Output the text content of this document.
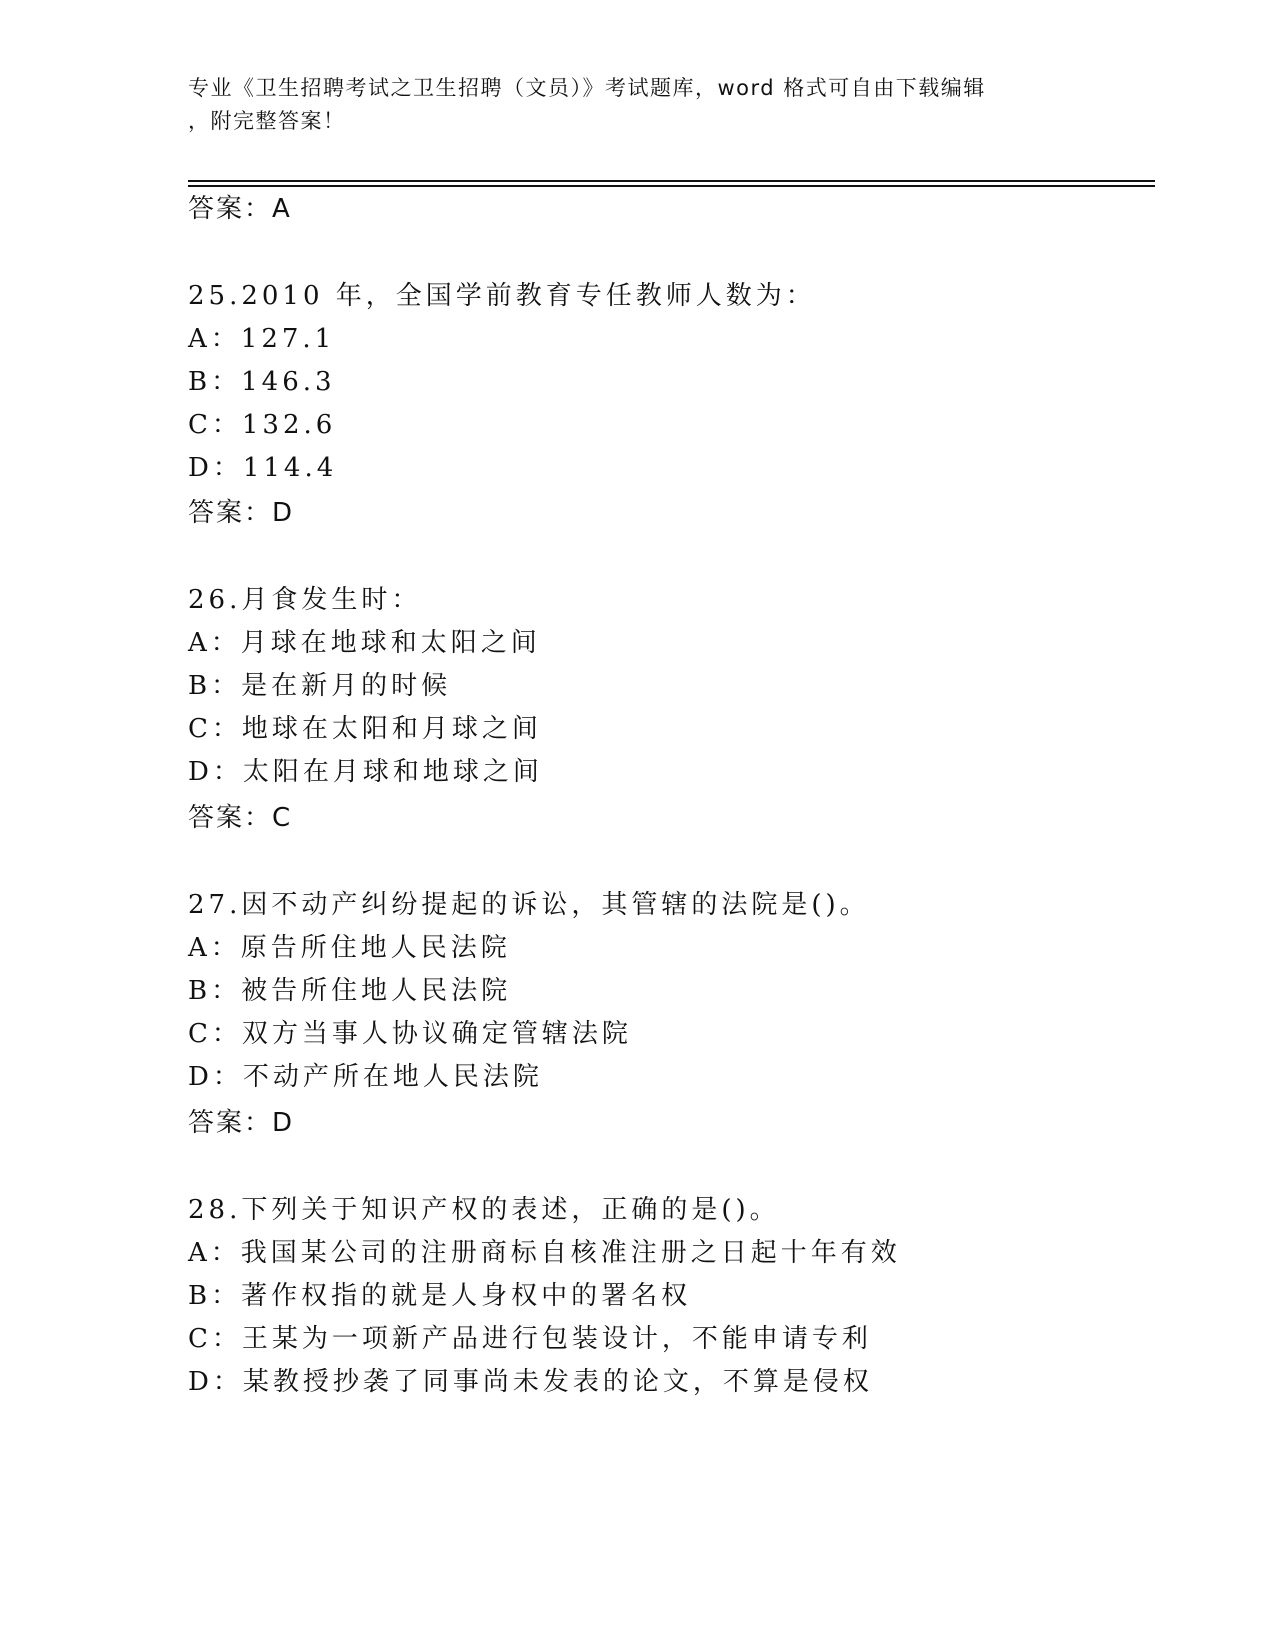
专业《卫生招聘考试之卫生招聘（文员）》考试题库，word 格式可自由下载编辑
，附完整答案！
答案：A
25.2010 年，全国学前教育专任教师人数为：
A：127.1
B：146.3
C：132.6
D：114.4
答案：D
26.月食发生时：
A：月球在地球和太阳之间
B：是在新月的时候
C：地球在太阳和月球之间
D：太阳在月球和地球之间
答案：C
27.因不动产纠纷提起的诉讼，其管辖的法院是()。
A：原告所住地人民法院
B：被告所住地人民法院
C：双方当事人协议确定管辖法院
D：不动产所在地人民法院
答案：D
28.下列关于知识产权的表述，正确的是()。
A：我国某公司的注册商标自核准注册之日起十年有效
B：著作权指的就是人身权中的署名权
C：王某为一项新产品进行包装设计，不能申请专利
D：某教授抄袭了同事尚未发表的论文，不算是侵权
